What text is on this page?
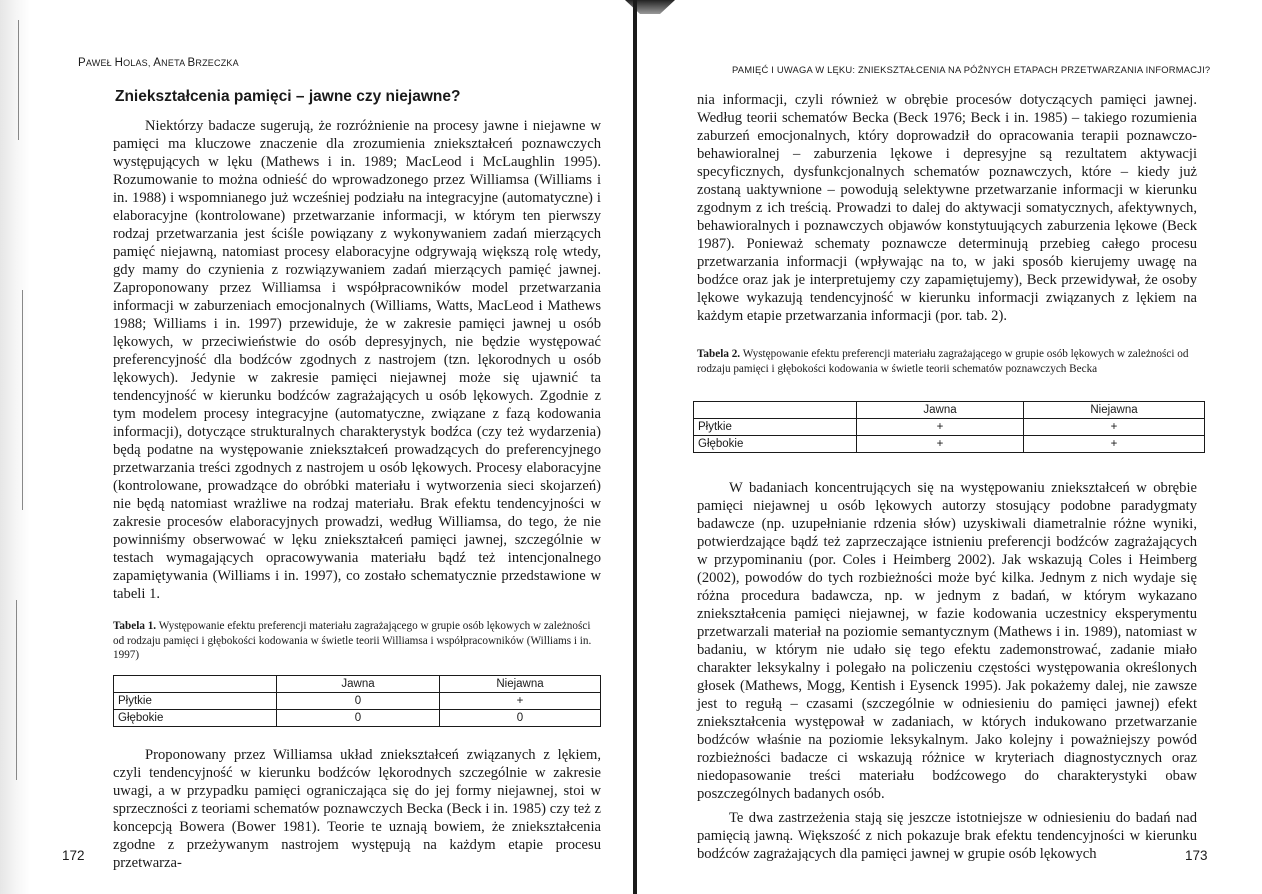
PAWEŁ HOLAS, ANETA BRZECZKA
Zniekształcenia pamięci – jawne czy niejawne?

Niektórzy badacze sugerują, że rozróżnienie na procesy jawne i niejawne w pamięci ma kluczowe znaczenie dla zrozumienia zniekształceń poznawczych występujących w lęku (Mathews i in. 1989; MacLeod i McLaughlin 1995). Rozumowanie to można odnieść do wprowadzonego przez Williamsa (Williams i in. 1988) i wspomnianego już wcześniej podziału na integracyjne (automatyczne) i elaboracyjne (kontrolowane) przetwarzanie informacji, w którym ten pierwszy rodzaj przetwarzania jest ściśle powiązany z wykonywaniem zadań mierzących pamięć niejawną, natomiast procesy elaboracyjne odgrywają większą rolę wtedy, gdy mamy do czynienia z rozwiązywaniem zadań mierzących pamięć jawnej. Zaproponowany przez Williamsa i współpracowników model przetwarzania informacji w zaburzeniach emocjonalnych (Williams, Watts, MacLeod i Mathews 1988; Williams i in. 1997) przewiduje, że w zakresie pamięci jawnej u osób lękowych, w przeciwieństwie do osób depresyjnych, nie będzie występować preferencyjność dla bodźców zgodnych z nastrojem (tzn. lękorodnych u osób lękowych). Jedynie w zakresie pamięci niejawnej może się ujawnić ta tendencyjność w kierunku bodźców zagrażających u osób lękowych. Zgodnie z tym modelem procesy integracyjne (automatyczne, związane z fazą kodowania informacji), dotyczące strukturalnych charakterystyk bodźca (czy też wydarzenia) będą podatne na występowanie zniekształceń prowadzących do preferencyjnego przetwarzania treści zgodnych z nastrojem u osób lękowych. Procesy elaboracyjne (kontrolowane, prowadzące do obróbki materiału i wytworzenia sieci skojarzeń) nie będą natomiast wrażliwe na rodzaj materiału. Brak efektu tendencyjności w zakresie procesów elaboracyjnych prowadzi, według Williamsa, do tego, że nie powinniśmy obserwować w lęku zniekształceń pamięci jawnej, szczególnie w testach wymagających opracowywania materiału bądź też intencjonalnego zapamiętywania (Williams i in. 1997), co zostało schematycznie przedstawione w tabeli 1.

Tabela 1. Występowanie efektu preferencji materiału zagrażającego w grupie osób lękowych w zależności od rodzaju pamięci i głębokości kodowania w świetle teorii Williamsa i współpracowników (Williams i in. 1997)

	Jawna	Niejawna
Płytkie	0	+
Głębokie	0	0

Proponowany przez Williamsa układ zniekształceń związanych z lękiem, czyli tendencyjność w kierunku bodźców lękorodnych szczególnie w zakresie uwagi, a w przypadku pamięci ograniczająca się do jej formy niejawnej, stoi w sprzeczności z teoriami schematów poznawczych Becka (Beck i in. 1985) czy też z koncepcją Bowera (Bower 1981). Teorie te uznają bowiem, że zniekształcenia zgodne z przeżywanym nastrojem występują na każdym etapie procesu przetwarza-

172
PAMIĘĆ I UWAGA W LĘKU: ZNIEKSZTAŁCENIA NA PÓŹNYCH ETAPACH PRZETWARZANIA INFORMACJI?

nia informacji, czyli również w obrębie procesów dotyczących pamięci jawnej. Według teorii schematów Becka (Beck 1976; Beck i in. 1985) – takiego rozumienia zaburzeń emocjonalnych, który doprowadził do opracowania terapii poznawczo-behawioralnej – zaburzenia lękowe i depresyjne są rezultatem aktywacji specyficznych, dysfunkcjonalnych schematów poznawczych, które – kiedy już zostaną uaktywnione – powodują selektywne przetwarzanie informacji w kierunku zgodnym z ich treścią. Prowadzi to dalej do aktywacji somatycznych, afektywnych, behawioralnych i poznawczych objawów konstytuujących zaburzenia lękowe (Beck 1987). Ponieważ schematy poznawcze determinują przebieg całego procesu przetwarzania informacji (wpływając na to, w jaki sposób kierujemy uwagę na bodźce oraz jak je interpretujemy czy zapamiętujemy), Beck przewidywał, że osoby lękowe wykazują tendencyjność w kierunku informacji związanych z lękiem na każdym etapie przetwarzania informacji (por. tab. 2).

Tabela 2. Występowanie efektu preferencji materiału zagrażającego w grupie osób lękowych w zależności od rodzaju pamięci i głębokości kodowania w świetle teorii schematów poznawczych Becka

	Jawna	Niejawna
Płytkie	+	+
Głębokie	+	+

W badaniach koncentrujących się na występowaniu zniekształceń w obrębie pamięci niejawnej u osób lękowych autorzy stosujący podobne paradygmaty badawcze (np. uzupełnianie rdzenia słów) uzyskiwali diametralnie różne wyniki, potwierdzające bądź też zaprzeczające istnieniu preferencji bodźców zagrażających w przypominaniu (por. Coles i Heimberg 2002). Jak wskazują Coles i Heimberg (2002), powodów do tych rozbieżności może być kilka. Jednym z nich wydaje się różna procedura badawcza, np. w jednym z badań, w którym wykazano zniekształcenia pamięci niejawnej, w fazie kodowania uczestnicy eksperymentu przetwarzali materiał na poziomie semantycznym (Mathews i in. 1989), natomiast w badaniu, w którym nie udało się tego efektu zademonstrować, zadanie miało charakter leksykalny i polegało na policzeniu częstości występowania określonych głosek (Mathews, Mogg, Kentish i Eysenck 1995). Jak pokażemy dalej, nie zawsze jest to regułą – czasami (szczególnie w odniesieniu do pamięci jawnej) efekt zniekształcenia występował w zadaniach, w których indukowano przetwarzanie bodźców właśnie na poziomie leksykalnym. Jako kolejny i poważniejszy powód rozbieżności badacze ci wskazują różnice w kryteriach diagnostycznych oraz niedopasowanie treści materiału bodźcowego do charakterystyki obaw poszczególnych badanych osób.

Te dwa zastrzeżenia stają się jeszcze istotniejsze w odniesieniu do badań nad pamięcią jawną. Większość z nich pokazuje brak efektu tendencyjności w kierunku bodźców zagrażających dla pamięci jawnej w grupie osób lękowych	173
